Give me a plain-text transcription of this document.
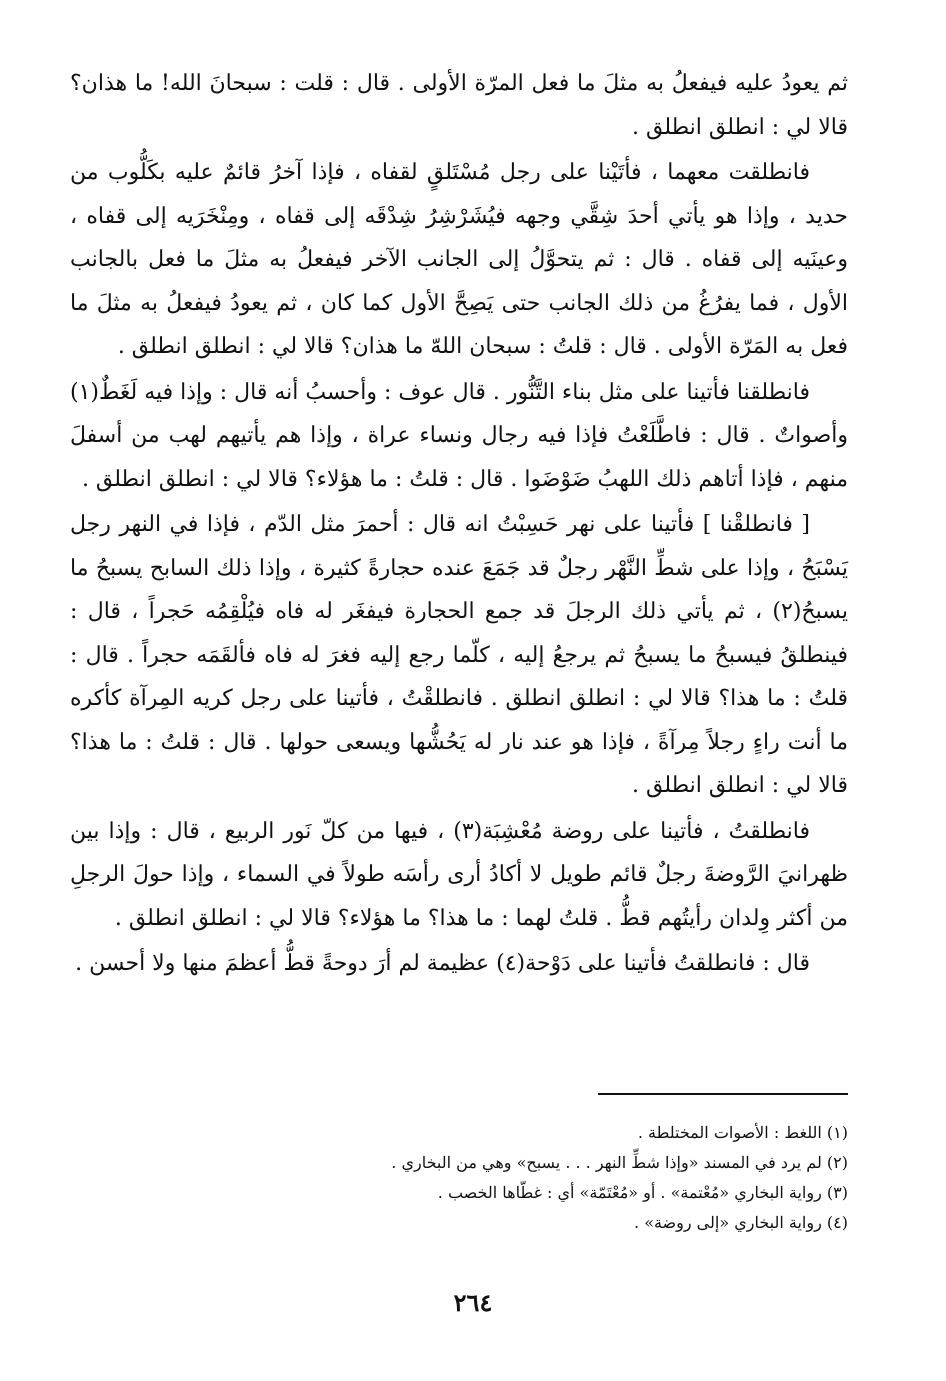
ثم يعودُ عليه فيفعلُ به مثلَ ما فعل المرّة الأولى . قال : قلت : سبحانَ الله! ما هذان؟ قالا لي : انطلق انطلق .

فانطلقت معهما ، فأتَيْنا على رجل مُسْتَلقٍ لقفاه ، فإذا آخرُ قائمٌ عليه بكَلُّوب من حديد ، وإذا هو يأتي أحدَ شِقَّي وجهه فيُشَرْشِرُ شِدْقَه إلى قفاه ، ومِنْخَرَيه إلى قفاه ، وعينَيه إلى قفاه . قال : ثم يتحوَّلُ إلى الجانب الآخر فيفعلُ به مثلَ ما فعل بالجانب الأول ، فما يفرُغُ من ذلك الجانب حتى يَصِحَّ الأول كما كان ، ثم يعودُ فيفعلُ به مثلَ ما فعل به المَرّة الأولى . قال : قلتُ : سبحان اللهّ ما هذان؟ قالا لي : انطلق انطلق .

فانطلقنا فأتينا على مثل بناء التَّنُّور . قال عوف : وأحسبُ أنه قال : وإذا فيه لَغَطٌ(١) وأصواتٌ . قال : فاطَّلَعْتُ فإذا فيه رجال ونساء عراة ، وإذا هم يأتيهم لهب من أسفلَ منهم ، فإذا أتاهم ذلك اللهبُ ضَوْضَوا . قال : قلتُ : ما هؤلاء؟ قالا لي : انطلق انطلق .

[ فانطلقْنا ] فأتينا على نهر حَسِبْتُ انه قال : أحمرَ مثل الدّم ، فإذا في النهر رجل يَسْبَحُ ، وإذا على شطِّ النَّهْر رجلٌ قد جَمَعَ عنده حجارةً كثيرة ، وإذا ذلك السابح يسبحُ ما يسبحُ(٢) ، ثم يأتي ذلك الرجلَ قد جمع الحجارة فيفغَر له فاه فيُلْقِمُه حَجراً ، قال : فينطلقُ فيسبحُ ما يسبحُ ثم يرجعُ إليه ، كلّما رجع إليه فغرَ له فاه فألقَمَه حجراً . قال : قلتُ : ما هذا؟ قالا لي : انطلق انطلق . فانطلقْتُ ، فأتينا على رجل كريه المِرآة كأكره ما أنت راءٍ رجلاً مِرآةً ، فإذا هو عند نار له يَحُشُّها ويسعى حولها . قال : قلتُ : ما هذا؟ قالا لي : انطلق انطلق .

فانطلقتُ ، فأتينا على روضة مُعْشِبَة(٣) ، فيها من كلّ نَور الربيع ، قال : وإذا بين ظهرانيَ الرَّوضةَ رجلٌ قائم طويل لا أكادُ أرى رأسَه طولاً في السماء ، وإذا حولَ الرجلِ من أكثر وِلدان رأيتُهم قطُّ . قلتُ لهما : ما هذا؟ ما هؤلاء؟ قالا لي : انطلق انطلق .

قال : فانطلقتُ فأتينا على دَوْحة(٤) عظيمة لم أرَ دوحةً قطُّ أعظمَ منها ولا أحسن .

(١) اللغط : الأصوات المختلطة .

(٢) لم يرد في المسند «وإذا شطِّ النهر . . . يسبح» وهي من البخاري .

(٣) رواية البخاري «مُعْتمة» . أو «مُعْتَمّة» أي : غطّاها الخصب .

(٤) رواية البخاري «إلى روضة» .

٢٦٤
